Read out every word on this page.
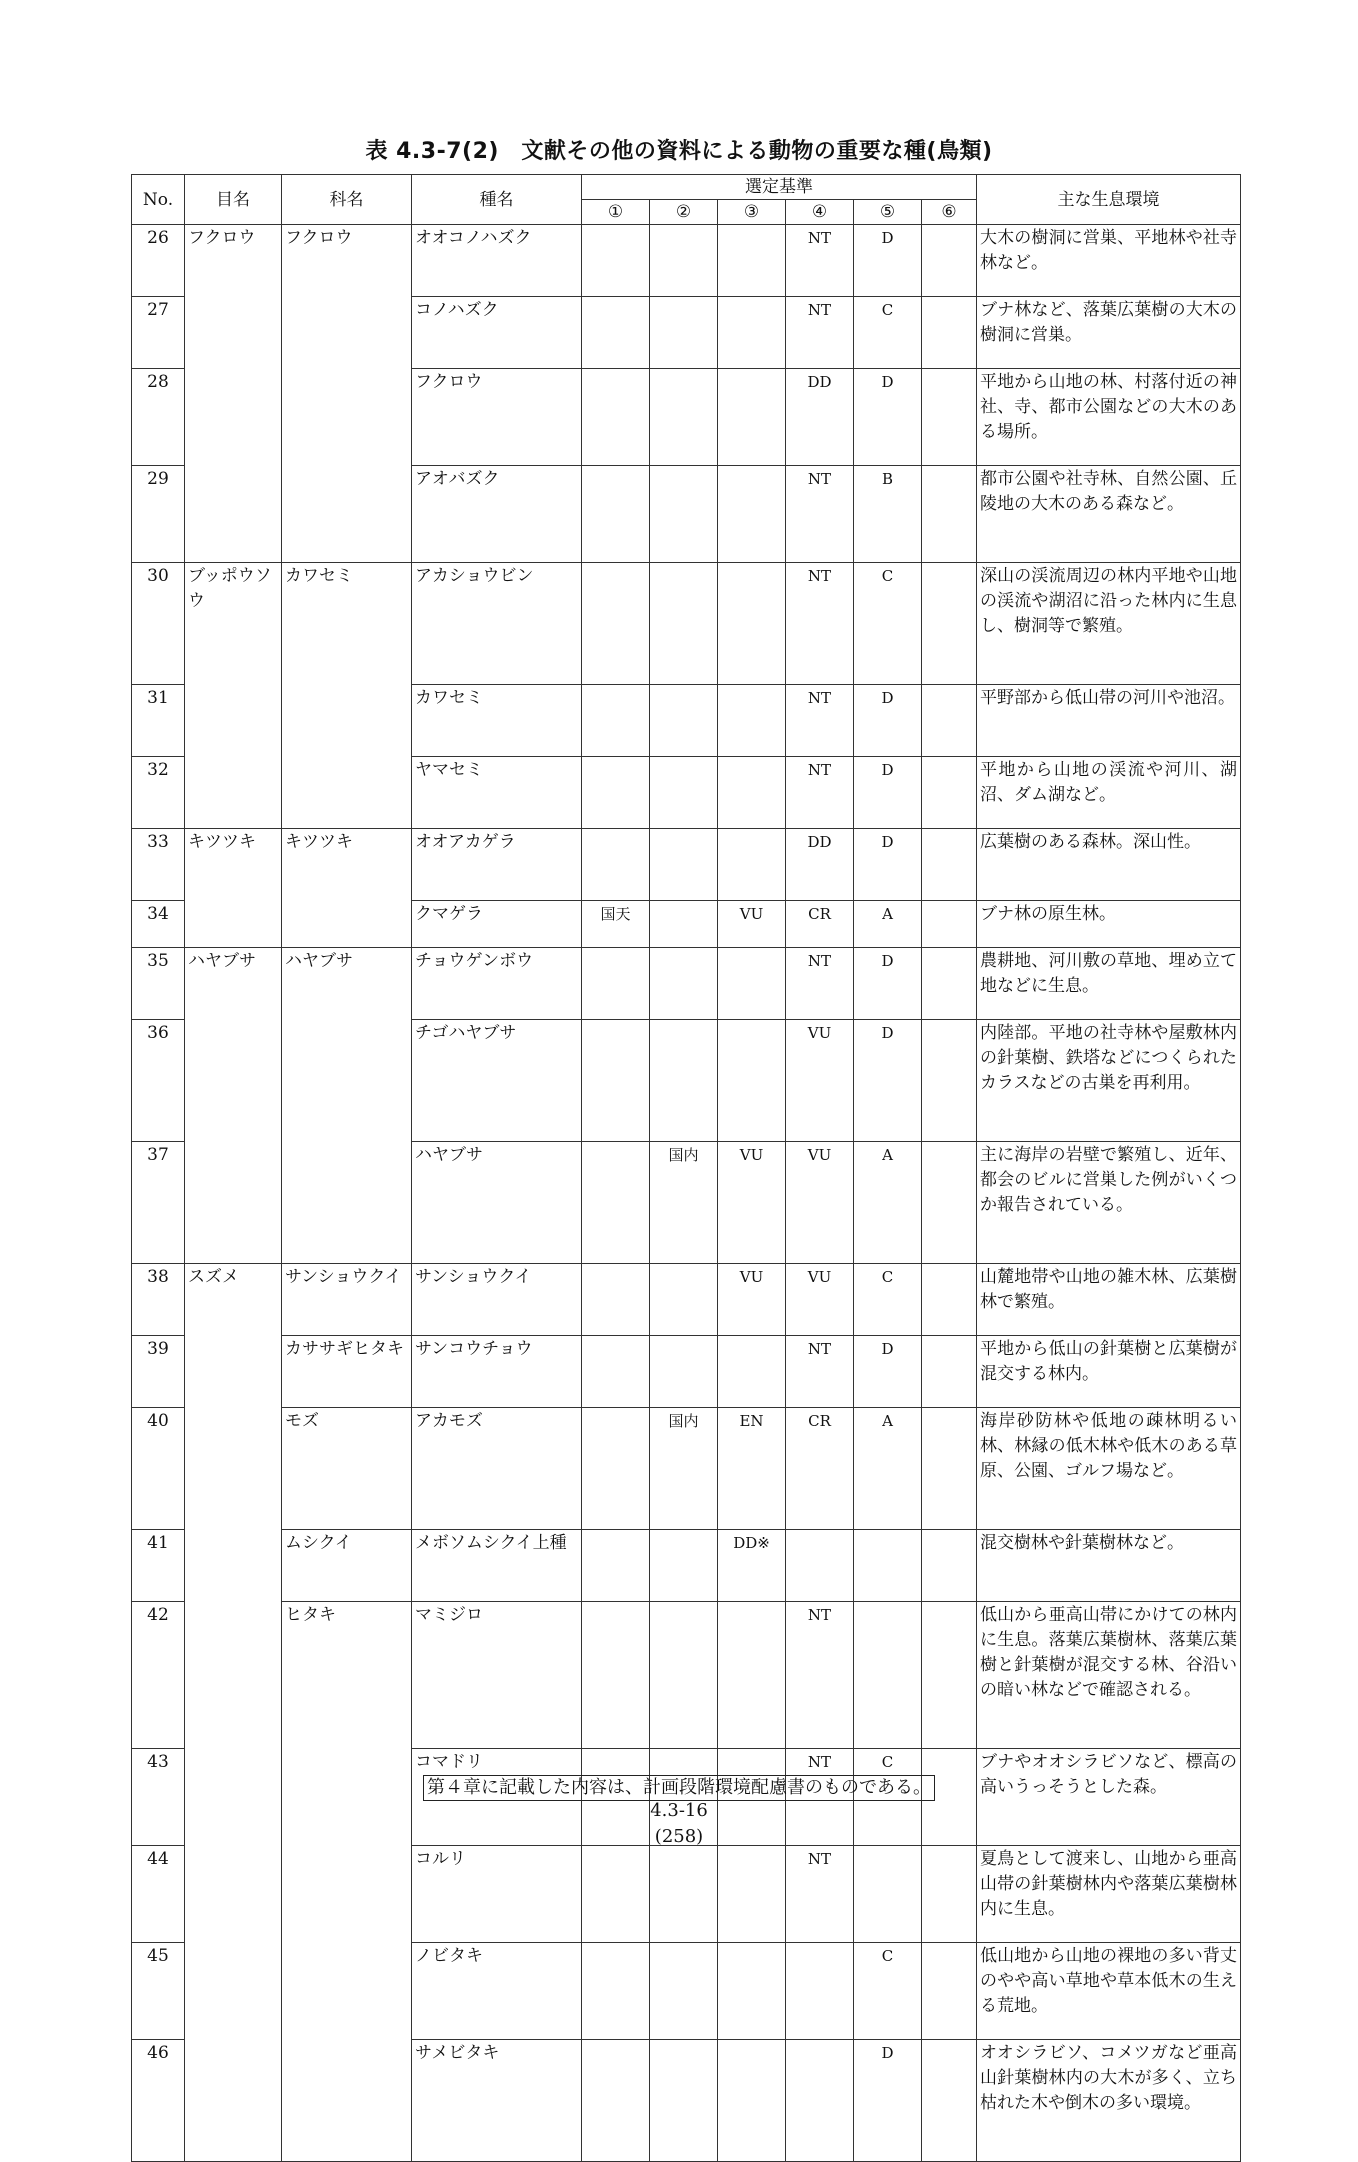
表 4.3-7(2)　文献その他の資料による動物の重要な種(鳥類)
No.	目名	科名	種名	選定基準						主な生息環境
				①	②	③	④	⑤	⑥	
26	フクロウ	フクロウ	オオコノハズク				NT	D		大木の樹洞に営巣、平地林や社寺林など。
27			コノハズク				NT	C		ブナ林など、落葉広葉樹の大木の樹洞に営巣。
28			フクロウ				DD	D		平地から山地の林、村落付近の神社、寺、都市公園などの大木のある場所。
29			アオバズク				NT	B		都市公園や社寺林、自然公園、丘陵地の大木のある森など。
30	ブッポウソウ	カワセミ	アカショウビン				NT	C		深山の渓流周辺の林内平地や山地の渓流や湖沼に沿った林内に生息し、樹洞等で繁殖。
31			カワセミ				NT	D		平野部から低山帯の河川や池沼。
32			ヤマセミ				NT	D		平地から山地の渓流や河川、湖沼、ダム湖など。
33	キツツキ	キツツキ	オオアカゲラ				DD	D		広葉樹のある森林。深山性。
34			クマゲラ	国天		VU	CR	A		ブナ林の原生林。
35	ハヤブサ	ハヤブサ	チョウゲンボウ				NT	D		農耕地、河川敷の草地、埋め立て地などに生息。
36			チゴハヤブサ				VU	D		内陸部。平地の社寺林や屋敷林内の針葉樹、鉄塔などにつくられたカラスなどの古巣を再利用。
37			ハヤブサ		国内	VU	VU	A		主に海岸の岩壁で繁殖し、近年、都会のビルに営巣した例がいくつか報告されている。
38	スズメ	サンショウクイ	サンショウクイ			VU	VU	C		山麓地帯や山地の雑木林、広葉樹林で繁殖。
39		カササギヒタキ	サンコウチョウ				NT	D		平地から低山の針葉樹と広葉樹が混交する林内。
40		モズ	アカモズ		国内	EN	CR	A		海岸砂防林や低地の疎林明るい林、林縁の低木林や低木のある草原、公園、ゴルフ場など。
41		ムシクイ	メボソムシクイ上種			DD※				混交樹林や針葉樹林など。
42		ヒタキ	マミジロ				NT			低山から亜高山帯にかけての林内に生息。落葉広葉樹林、落葉広葉樹と針葉樹が混交する林、谷沿いの暗い林などで確認される。
43			コマドリ				NT	C		ブナやオオシラビソなど、標高の高いうっそうとした森。
44			コルリ				NT			夏鳥として渡来し、山地から亜高山帯の針葉樹林内や落葉広葉樹林内に生息。
45			ノビタキ					C		低山地から山地の裸地の多い背丈のやや高い草地や草本低木の生える荒地。
46			サメビタキ					D		オオシラビソ、コメツガなど亜高山針葉樹林内の大木が多く、立ち枯れた木や倒木の多い環境。
第４章に記載した内容は、計画段階環境配慮書のものである。
4.3-16
(258)
